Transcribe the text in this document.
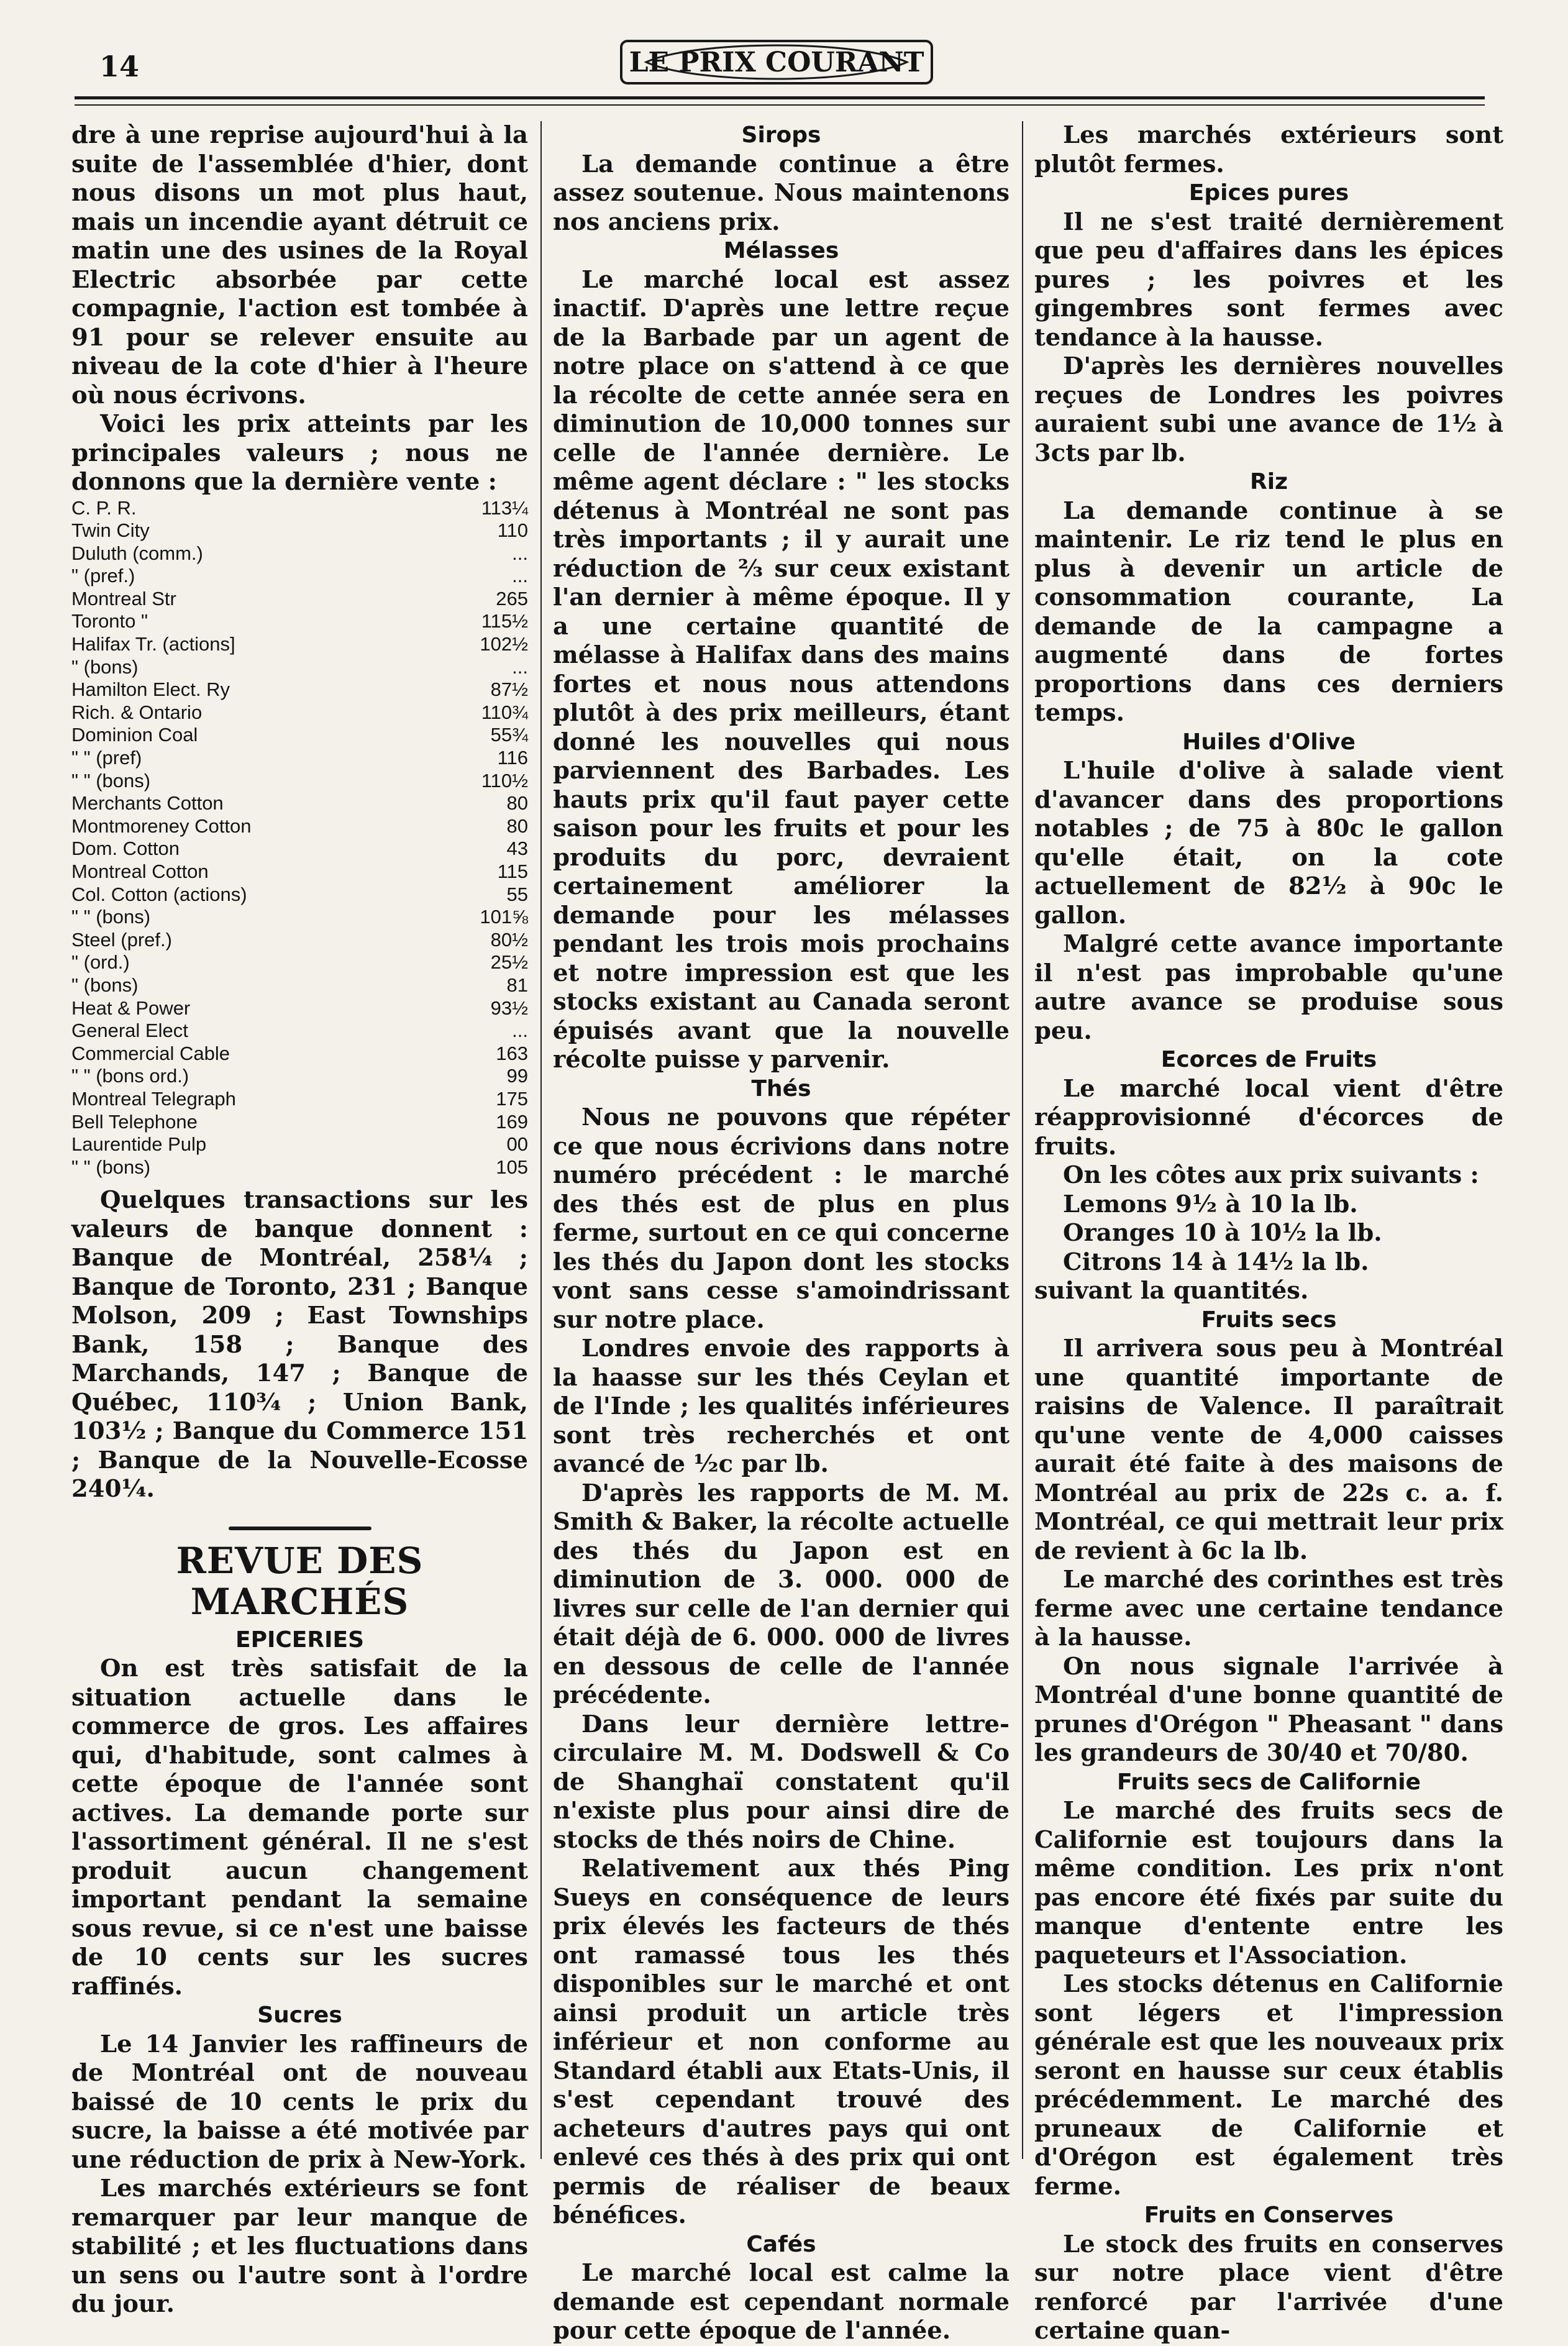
14	LE PRIX COURANT

dre à une reprise aujourd'hui à la suite de l'assemblée d'hier, dont nous disons un mot plus haut, mais un incendie ayant détruit ce matin une des usines de la Royal Electric absorbée par cette compagnie, l'action est tombée à 91 pour se relever ensuite au niveau de la cote d'hier à l'heure où nous écrivons.

Voici les prix atteints par les principales valeurs ; nous ne donnons que la dernière vente :

C. P. R.	113¼
Twin City	110
Duluth (comm.)	...
" (pref.)	...
Montreal Str	265
Toronto "	115½
Halifax Tr. (actions]	102½
" (bons)	...
Hamilton Elect. Ry	87½
Rich. & Ontario	110¾
Dominion Coal	55¾
" " (pref)	116
" " (bons)	110½
Merchants Cotton	80
Montmoreney Cotton	80
Dom. Cotton	43
Montreal Cotton	115
Col. Cotton (actions)	55
" " (bons)	101⅝
Steel (pref.)	80½
" (ord.)	25½
" (bons)	81
Heat & Power	93½
General Elect	...
Commercial Cable	163
" " (bons ord.)	99
Montreal Telegraph	175
Bell Telephone	169
Laurentide Pulp	00
" " (bons)	105

Quelques transactions sur les valeurs de banque donnent : Banque de Montréal, 258¼ ; Banque de Toronto, 231 ; Banque Molson, 209 ; East Townships Bank, 158 ; Banque des Marchands, 147 ; Banque de Québec, 110¾ ; Union Bank, 103½ ; Banque du Commerce 151 ; Banque de la Nouvelle-Ecosse 240¼.

REVUE DES MARCHÉS
EPICERIES

On est très satisfait de la situation actuelle dans le commerce de gros. Les affaires qui, d'habitude, sont calmes à cette époque de l'année sont actives. La demande porte sur l'assortiment général. Il ne s'est produit aucun changement important pendant la semaine sous revue, si ce n'est une baisse de 10 cents sur les sucres raffinés.

Sucres

Le 14 Janvier les raffineurs de de Montréal ont de nouveau baissé de 10 cents le prix du sucre, la baisse a été motivée par une réduction de prix à New-York.

Les marchés extérieurs se font remarquer par leur manque de stabilité ; et les fluctuations dans un sens ou l'autre sont à l'ordre du jour.

Sirops

La demande continue a être assez soutenue. Nous maintenons nos anciens prix.

Mélasses

Le marché local est assez inactif. D'après une lettre reçue de la Barbade par un agent de notre place on s'attend à ce que la récolte de cette année sera en diminution de 10,000 tonnes sur celle de l'année dernière. Le même agent déclare : " les stocks détenus à Montréal ne sont pas très importants ; il y aurait une réduction de ⅔ sur ceux existant l'an dernier à même époque. Il y a une certaine quantité de mélasse à Halifax dans des mains fortes et nous nous attendons plutôt à des prix meilleurs, étant donné les nouvelles qui nous parviennent des Barbades. Les hauts prix qu'il faut payer cette saison pour les fruits et pour les produits du porc, devraient certainement améliorer la demande pour les mélasses pendant les trois mois prochains et notre impression est que les stocks existant au Canada seront épuisés avant que la nouvelle récolte puisse y parvenir.

Thés

Nous ne pouvons que répéter ce que nous écrivions dans notre numéro précédent : le marché des thés est de plus en plus ferme, surtout en ce qui concerne les thés du Japon dont les stocks vont sans cesse s'amoindrissant sur notre place.

Londres envoie des rapports à la haasse sur les thés Ceylan et de l'Inde ; les qualités inférieures sont très recherchés et ont avancé de ½c par lb.

D'après les rapports de M. M. Smith & Baker, la récolte actuelle des thés du Japon est en diminution de 3. 000. 000 de livres sur celle de l'an dernier qui était déjà de 6. 000. 000 de livres en dessous de celle de l'année précédente.

Dans leur dernière lettre-circulaire M. M. Dodswell & Co de Shanghaï constatent qu'il n'existe plus pour ainsi dire de stocks de thés noirs de Chine.

Relativement aux thés Ping Sueys en conséquence de leurs prix élevés les facteurs de thés ont ramassé tous les thés disponibles sur le marché et ont ainsi produit un article très inférieur et non conforme au Standard établi aux Etats-Unis, il s'est cependant trouvé des acheteurs d'autres pays qui ont enlevé ces thés à des prix qui ont permis de réaliser de beaux bénéfices.

Cafés

Le marché local est calme la demande est cependant normale pour cette époque de l'année.

Les marchés extérieurs sont plutôt fermes.

Epices pures

Il ne s'est traité dernièrement que peu d'affaires dans les épices pures ; les poivres et les gingembres sont fermes avec tendance à la hausse.

D'après les dernières nouvelles reçues de Londres les poivres auraient subi une avance de 1½ à 3cts par lb.

Riz

La demande continue à se maintenir. Le riz tend le plus en plus à devenir un article de consommation courante, La demande de la campagne a augmenté dans de fortes proportions dans ces derniers temps.

Huiles d'Olive

L'huile d'olive à salade vient d'avancer dans des proportions notables ; de 75 à 80c le gallon qu'elle était, on la cote actuellement de 82½ à 90c le gallon.

Malgré cette avance importante il n'est pas improbable qu'une autre avance se produise sous peu.

Ecorces de Fruits

Le marché local vient d'être réapprovisionné d'écorces de fruits.

On les côtes aux prix suivants :

Lemons 9½ à 10 la lb.

Oranges 10 à 10½ la lb.

Citrons 14 à 14½ la lb.

suivant la quantités.

Fruits secs

Il arrivera sous peu à Montréal une quantité importante de raisins de Valence. Il paraîtrait qu'une vente de 4,000 caisses aurait été faite à des maisons de Montréal au prix de 22s c. a. f. Montréal, ce qui mettrait leur prix de revient à 6c la lb.

Le marché des corinthes est très ferme avec une certaine tendance à la hausse.

On nous signale l'arrivée à Montréal d'une bonne quantité de prunes d'Orégon " Pheasant " dans les grandeurs de 30/40 et 70/80.

Fruits secs de Californie

Le marché des fruits secs de Californie est toujours dans la même condition. Les prix n'ont pas encore été fixés par suite du manque d'entente entre les paqueteurs et l'Association.

Les stocks détenus en Californie sont légers et l'impression générale est que les nouveaux prix seront en hausse sur ceux établis précédemment. Le marché des pruneaux de Californie et d'Orégon est également très ferme.

Fruits en Conserves

Le stock des fruits en conserves sur notre place vient d'être renforcé par l'arrivée d'une certaine quan-
